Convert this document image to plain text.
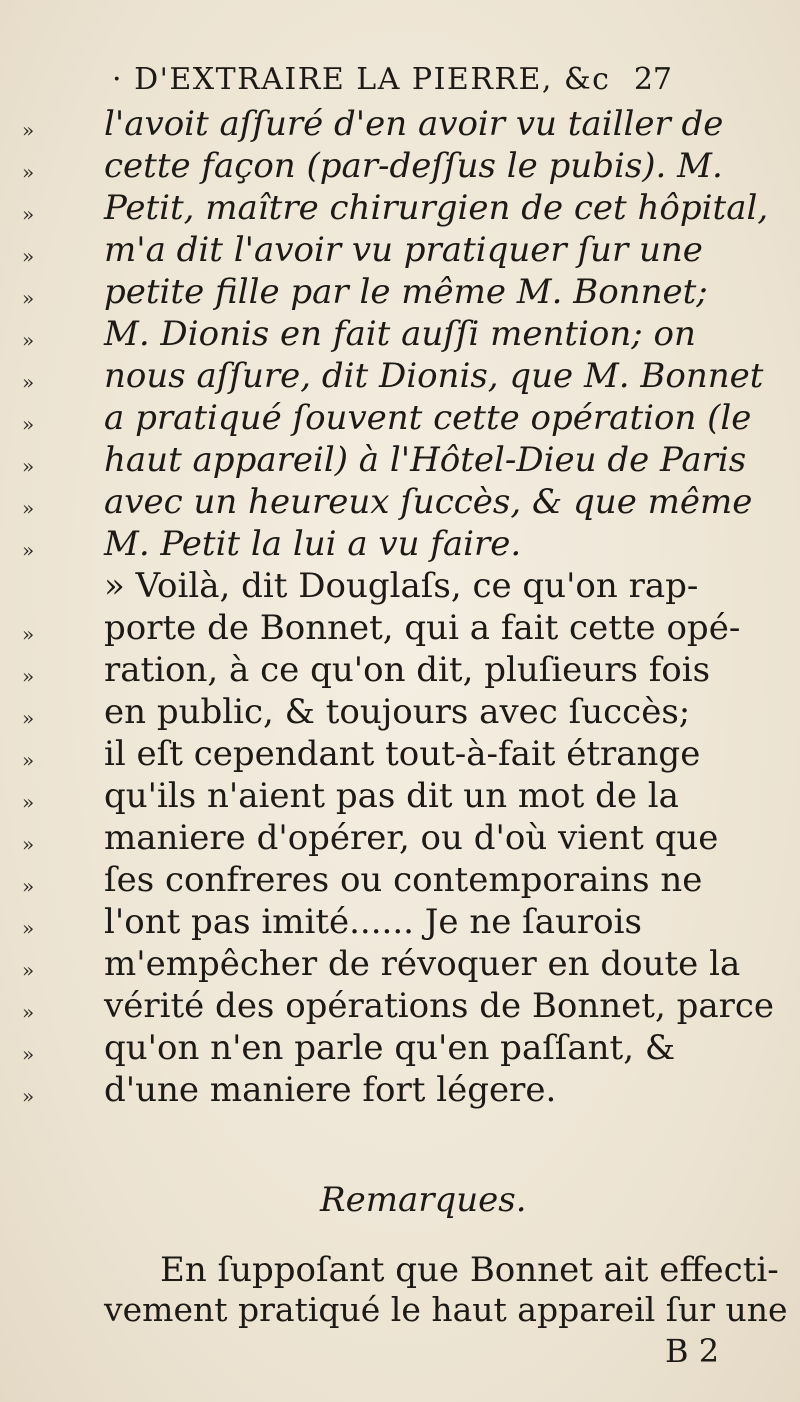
· D'EXTRAIRE LA PIERRE, &c 27
» l'avoit aſſuré d'en avoir vu tailler de
» cette façon (par-deſſus le pubis). M.
» Petit, maître chirurgien de cet hôpital,
» m'a dit l'avoir vu pratiquer ſur une
» petite fille par le même M. Bonnet;
» M. Dionis en fait auſſi mention; on
» nous aſſure, dit Dionis, que M. Bonnet
» a pratiqué ſouvent cette opération (le
» haut appareil) à l'Hôtel-Dieu de Paris
» avec un heureux ſuccès, & que même
» M. Petit la lui a vu faire.
» Voilà, dit Douglaſs, ce qu'on rap-
» porte de Bonnet, qui a fait cette opé-
» ration, à ce qu'on dit, pluſieurs fois
» en public, & toujours avec ſuccès;
» il eſt cependant tout-à-fait étrange
» qu'ils n'aient pas dit un mot de la
» maniere d'opérer, ou d'où vient que
» ſes confreres ou contemporains ne
» l'ont pas imité...... Je ne ſaurois
» m'empêcher de révoquer en doute la
» vérité des opérations de Bonnet, parce
» qu'on n'en parle qu'en paſſant, &
» d'une maniere fort légere.
Remarques.
En ſuppoſant que Bonnet ait effecti-
vement pratiqué le haut appareil ſur une
B 2
